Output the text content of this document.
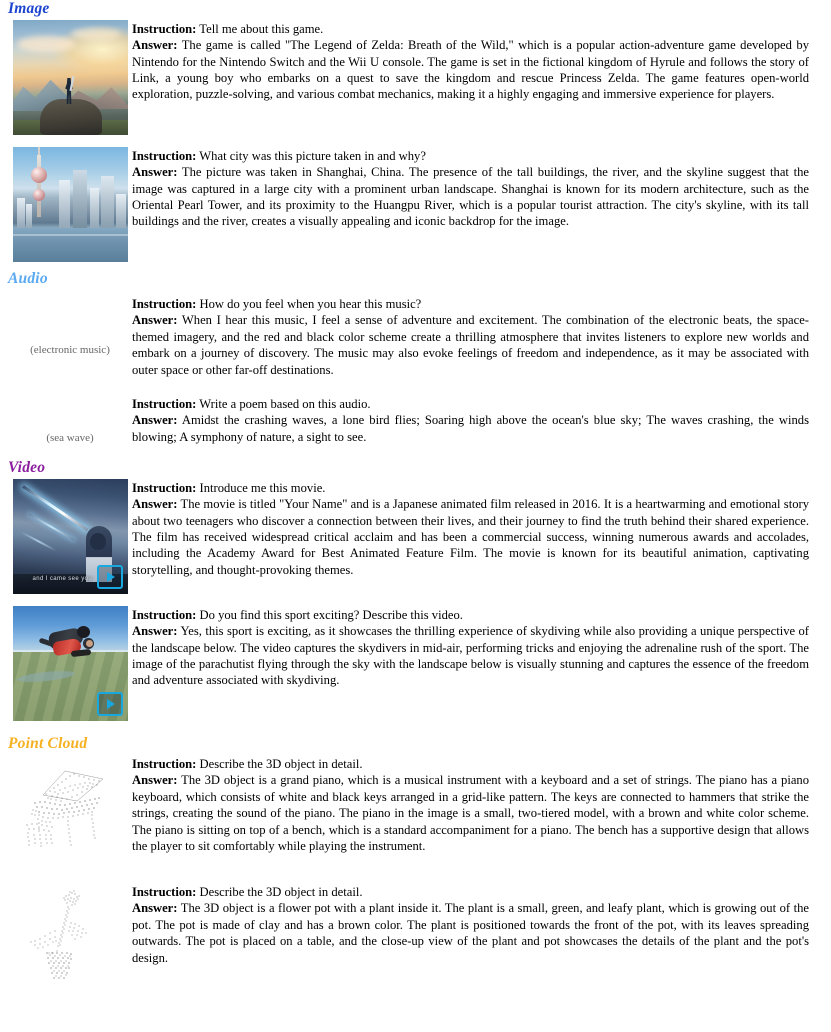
Image

Instruction: Tell me about this game.

Answer: The game is called "The Legend of Zelda: Breath of the Wild," which is a popular action-adventure game developed by Nintendo for the Nintendo Switch and the Wii U console. The game is set in the fictional kingdom of Hyrule and follows the story of Link, a young boy who embarks on a quest to save the kingdom and rescue Princess Zelda. The game features open-world exploration, puzzle-solving, and various combat mechanics, making it a highly engaging and immersive experience for players.

Instruction: What city was this picture taken in and why?

Answer: The picture was taken in Shanghai, China. The presence of the tall buildings, the river, and the skyline suggest that the image was captured in a large city with a prominent urban landscape. Shanghai is known for its modern architecture, such as the Oriental Pearl Tower, and its proximity to the Huangpu River, which is a popular tourist attraction. The city's skyline, with its tall buildings and the river, creates a visually appealing and iconic backdrop for the image.

Audio
(electronic music)

Instruction: How do you feel when you hear this music?

Answer: When I hear this music, I feel a sense of adventure and excitement. The combination of the electronic beats, the space-themed imagery, and the red and black color scheme create a thrilling atmosphere that invites listeners to explore new worlds and embark on a journey of discovery. The music may also evoke feelings of freedom and independence, as it may be associated with outer space or other far-off destinations.

(sea wave)

Instruction: Write a poem based on this audio.

Answer: Amidst the crashing waves, a lone bird flies; Soaring high above the ocean's blue sky; The waves crashing, the winds blowing; A symphony of nature, a sight to see.

Video
and I came see you

Instruction: Introduce me this movie.

Answer: The movie is titled "Your Name" and is a Japanese animated film released in 2016. It is a heartwarming and emotional story about two teenagers who discover a connection between their lives, and their journey to find the truth behind their shared experience. The film has received widespread critical acclaim and has been a commercial success, winning numerous awards and accolades, including the Academy Award for Best Animated Feature Film. The movie is known for its beautiful animation, captivating storytelling, and thought-provoking themes.

Instruction: Do you find this sport exciting? Describe this video.

Answer: Yes, this sport is exciting, as it showcases the thrilling experience of skydiving while also providing a unique perspective of the landscape below. The video captures the skydivers in mid-air, performing tricks and enjoying the adrenaline rush of the sport. The image of the parachutist flying through the sky with the landscape below is visually stunning and captures the essence of the freedom and adventure associated with skydiving.

Point Cloud

Instruction: Describe the 3D object in detail.

Answer: The 3D object is a grand piano, which is a musical instrument with a keyboard and a set of strings. The piano has a piano keyboard, which consists of white and black keys arranged in a grid-like pattern. The keys are connected to hammers that strike the strings, creating the sound of the piano. The piano in the image is a small, two-tiered model, with a brown and white color scheme. The piano is sitting on top of a bench, which is a standard accompaniment for a piano. The bench has a supportive design that allows the player to sit comfortably while playing the instrument.

Instruction: Describe the 3D object in detail.

Answer: The 3D object is a flower pot with a plant inside it. The plant is a small, green, and leafy plant, which is growing out of the pot. The pot is made of clay and has a brown color. The plant is positioned towards the front of the pot, with its leaves spreading outwards. The pot is placed on a table, and the close-up view of the plant and pot showcases the details of the plant and the pot's design.
